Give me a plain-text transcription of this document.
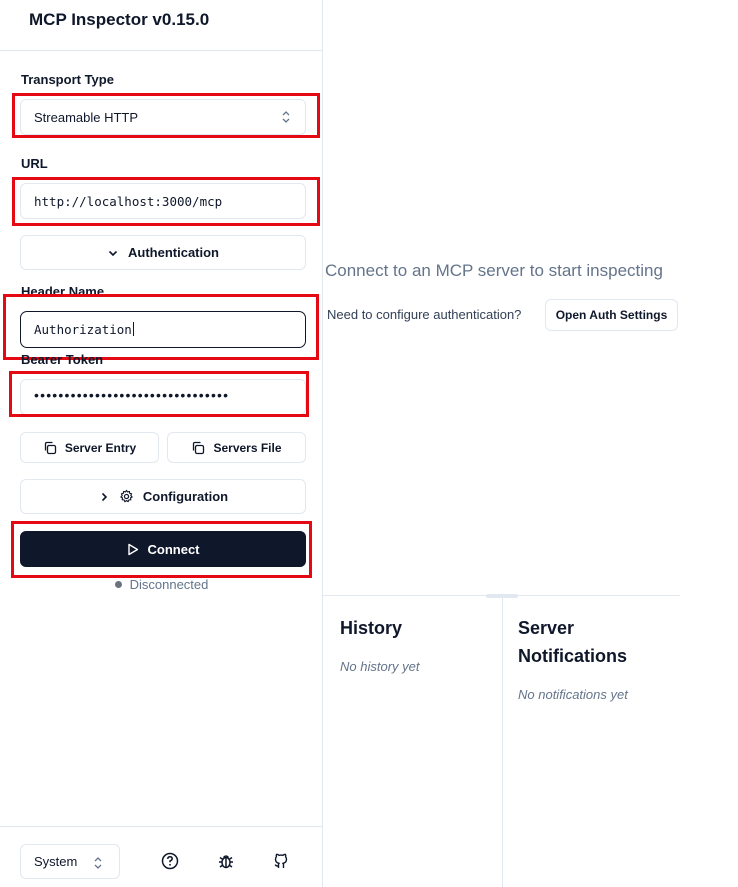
MCP Inspector v0.15.0
Transport Type
Streamable HTTP
URL
http://localhost:3000/mcp
Authentication
Header Name
Authorization
Bearer Token
••••••••••••••••••••••••••••••••
Server Entry	Servers File
Configuration
Connect
Disconnected
System
Connect to an MCP server to start inspecting
Need to configure authentication?	Open Auth Settings
History
No history yet
Server
Notifications
No notifications yet
